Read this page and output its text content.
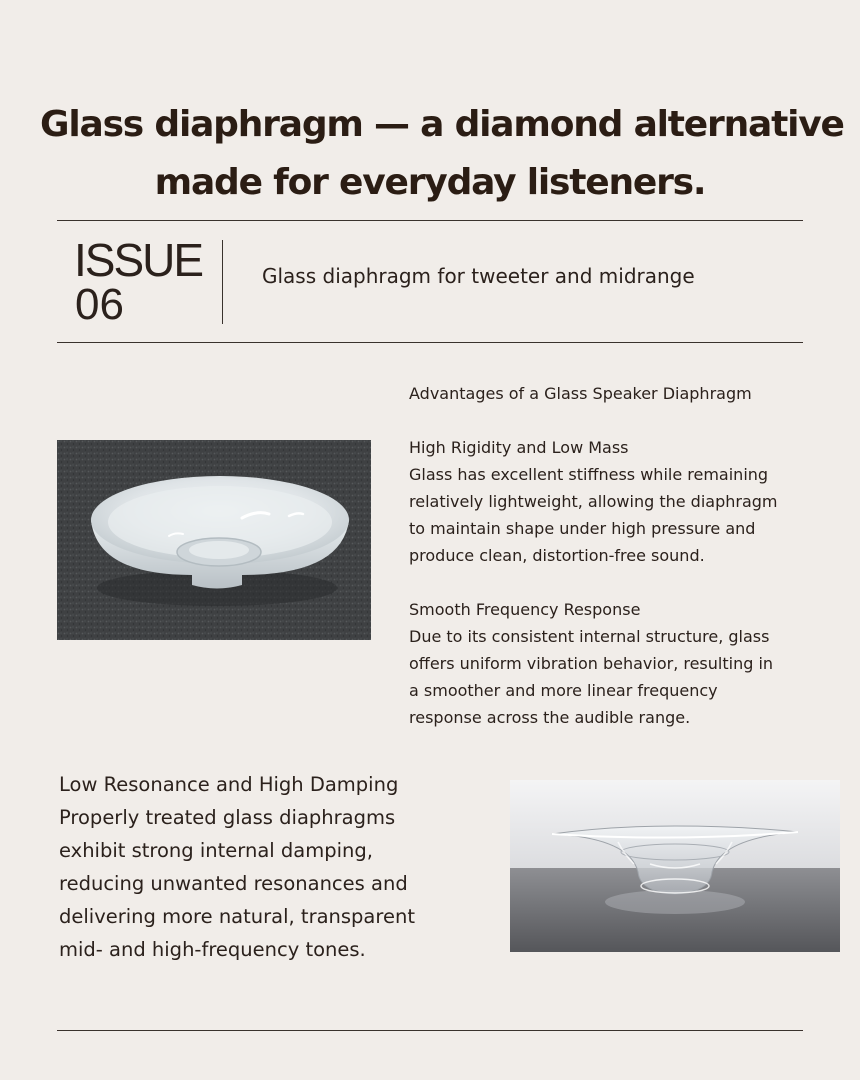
Glass diaphragm — a diamond alternative
made for everyday listeners.
ISSUE
06
Glass diaphragm for tweeter and midrange

Advantages of a Glass Speaker Diaphragm

High Rigidity and Low Mass

Glass has excellent stiffness while remaining

relatively lightweight, allowing the diaphragm

to maintain shape under high pressure and

produce clean, distortion-free sound.

Smooth Frequency Response

Due to its consistent internal structure, glass

offers uniform vibration behavior, resulting in

a smoother and more linear frequency

response across the audible range.

Low Resonance and High Damping

Properly treated glass diaphragms

exhibit strong internal damping,

reducing unwanted resonances and

delivering more natural, transparent

mid- and high-frequency tones.
